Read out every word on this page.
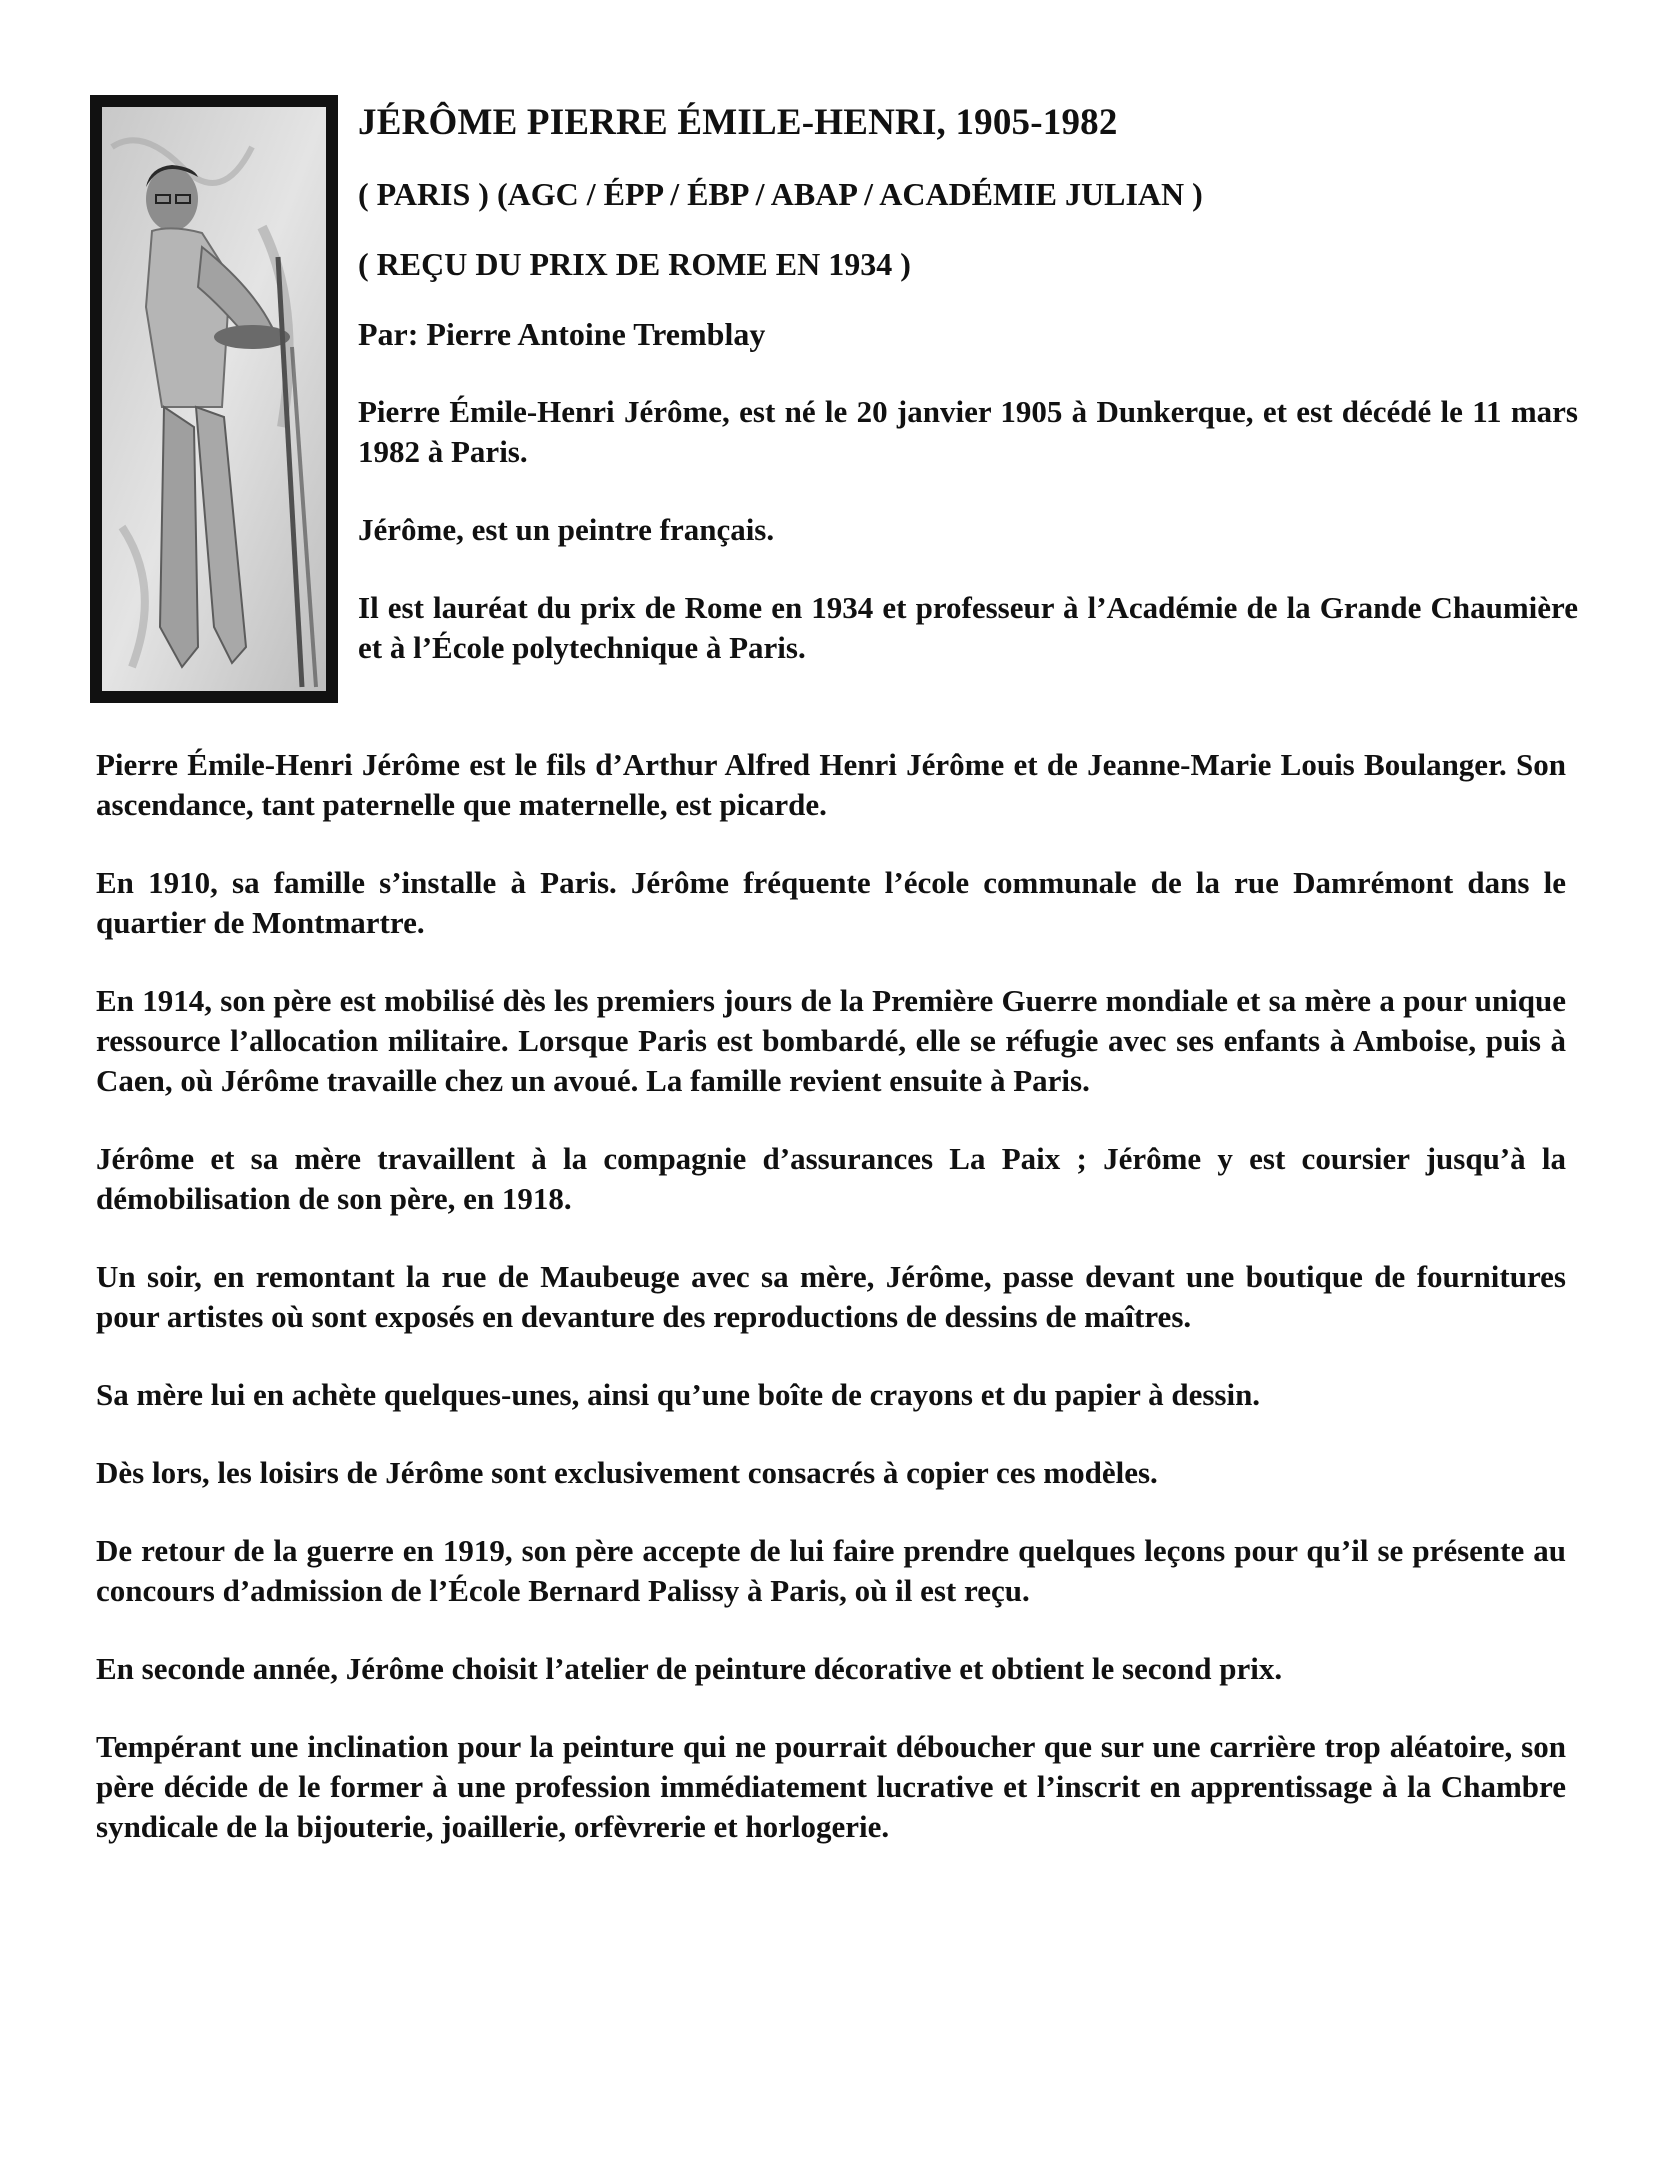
JÉRÔME PIERRE ÉMILE-HENRI, 1905-1982
( PARIS ) (AGC / ÉPP / ÉBP / ABAP / ACADÉMIE JULIAN )
( REÇU DU PRIX DE ROME EN 1934 )
Par: Pierre Antoine Tremblay

Pierre Émile-Henri Jérôme, est né le 20 janvier 1905 à Dunkerque, et est décédé le 11 mars 1982 à Paris.

Jérôme, est un peintre français.

Il est lauréat du prix de Rome en 1934 et professeur à l’Académie de la Grande Chaumière et à l’École polytechnique à Paris.

Pierre Émile-Henri Jérôme est le fils d’Arthur Alfred Henri Jérôme et de Jeanne-Marie Louis Boulanger. Son ascendance, tant paternelle que maternelle, est picarde.

En 1910, sa famille s’installe à Paris. Jérôme fréquente l’école communale de la rue Damrémont dans le quartier de Montmartre.

En 1914, son père est mobilisé dès les premiers jours de la Première Guerre mondiale et sa mère a pour unique ressource l’allocation militaire. Lorsque Paris est bombardé, elle se réfugie avec ses enfants à Amboise, puis à Caen, où Jérôme travaille chez un avoué. La famille revient ensuite à Paris.

Jérôme et sa mère travaillent à la compagnie d’assurances La Paix ; Jérôme y est coursier jusqu’à la démobilisation de son père, en 1918.

Un soir, en remontant la rue de Maubeuge avec sa mère, Jérôme, passe devant une boutique de fournitures pour artistes où sont exposés en devanture des reproductions de dessins de maîtres.

Sa mère lui en achète quelques-unes, ainsi qu’une boîte de crayons et du papier à dessin.

Dès lors, les loisirs de Jérôme sont exclusivement consacrés à copier ces modèles.

De retour de la guerre en 1919, son père accepte de lui faire prendre quelques leçons pour qu’il se présente au concours d’admission de l’École Bernard Palissy à Paris, où il est reçu.

En seconde année, Jérôme choisit l’atelier de peinture décorative et obtient le second prix.

Tempérant une inclination pour la peinture qui ne pourrait déboucher que sur une carrière trop aléatoire, son père décide de le former à une profession immédiatement lucrative et l’inscrit en apprentissage à la Chambre syndicale de la bijouterie, joaillerie, orfèvrerie et horlogerie.
